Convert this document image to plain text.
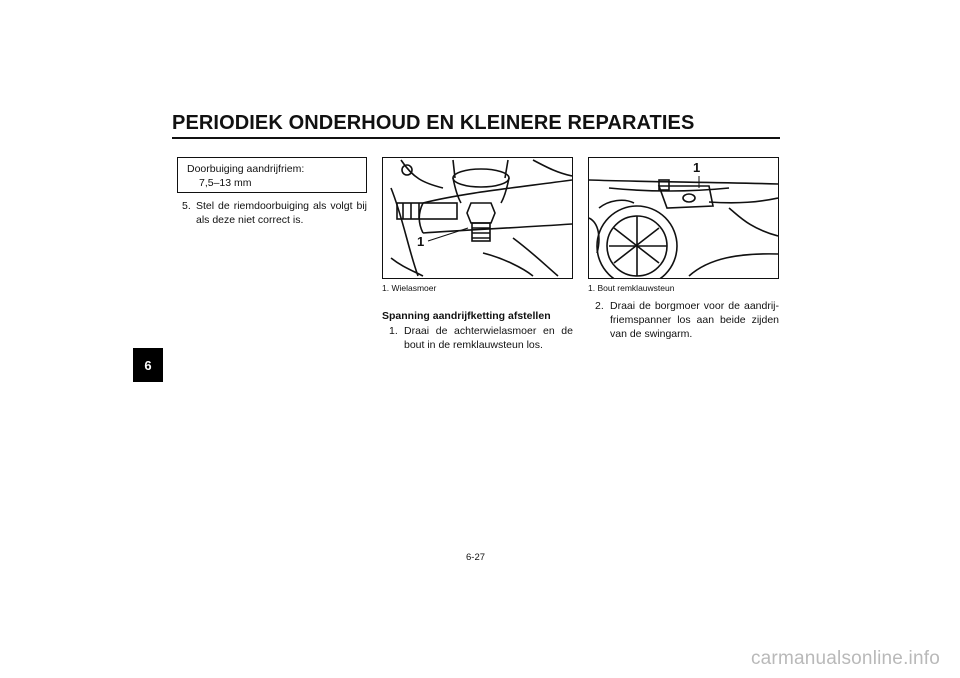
PERIODIEK ONDERHOUD EN KLEINERE REPARATIES
6
Doorbuiging aandrijfriem:
7,5–13 mm
5. Stel de riemdoorbuiging als volgt bij als deze niet correct is.
1
1. Wielasmoer
Spanning aandrijfketting afstellen
1. Draai de achterwielasmoer en de bout in de remklauwsteun los.
1
1. Bout remklauwsteun
2. Draai de borgmoer voor de aandrij-friemspanner los aan beide zijden van de swingarm.
6-27
carmanualsonline.info
